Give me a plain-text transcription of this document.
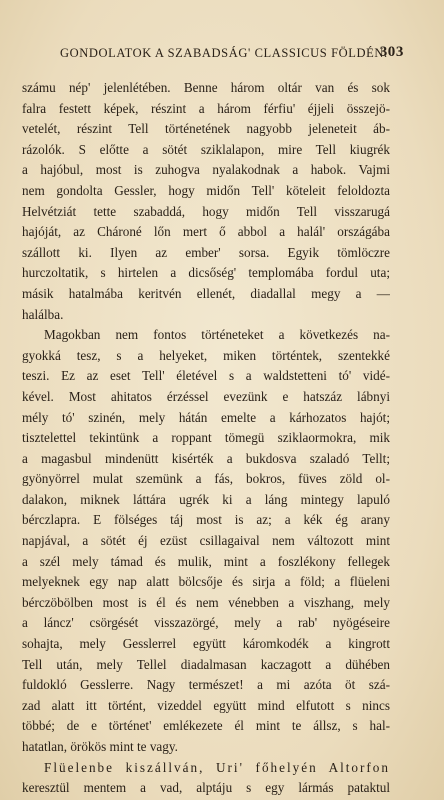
GONDOLATOK A SZABADSÁG' CLASSICUS FÖLDÉN.
303
számu nép' jelenlétében. Benne három oltár van és sok
falra festett képek, részint a három férfiu' éjjeli összejö-
vetelét, részint Tell történetének nagyobb jeleneteit áb-
rázolók. S előtte a sötét sziklalapon, mire Tell kiugrék
a hajóbul, most is zuhogva nyalakodnak a habok. Vajmi
nem gondolta Gessler, hogy midőn Tell' köteleit feloldozta
Helvétziát tette szabaddá, hogy midőn Tell visszarugá
hajóját, az Chároné lőn mert ő abbol a halál' országába
szállott ki. Ilyen az ember' sorsa. Egyik tömlöczre
hurczoltatik, s hirtelen a dicsőség' templomába fordul uta;
másik hatalmába keritvén ellenét, diadallal megy a —
halálba.
Magokban nem fontos történeteket a következés na-
gyokká tesz, s a helyeket, miken történtek, szentekké
teszi. Ez az eset Tell' életével s a waldstetteni tó' vidé-
kével. Most ahitatos érzéssel evezünk e hatszáz lábnyi
mély tó' szinén, mely hátán emelte a kárhozatos hajót;
tisztelettel tekintünk a roppant tömegü sziklaormokra, mik
a magasbul mindenütt kisérték a bukdosva szaladó Tellt;
gyönyörrel mulat szemünk a fás, bokros, füves zöld ol-
dalakon, miknek láttára ugrék ki a láng mintegy lapuló
bérczlapra. E fölséges táj most is az; a kék ég arany
napjával, a sötét éj ezüst csillagaival nem változott mint
a szél mely támad és mulik, mint a foszlékony fellegek
melyeknek egy nap alatt bölcsője és sirja a föld; a flüeleni
bérczöbölben most is él és nem vénebben a viszhang, mely
a láncz' csörgését visszazörgé, mely a rab' nyögéseire
sohajta, mely Gesslerrel együtt káromkodék a kingrott
Tell után, mely Tellel diadalmasan kaczagott a dühében
fuldokló Gesslerre. Nagy természet! a mi azóta öt szá-
zad alatt itt történt, vizeddel együtt mind elfutott s nincs
többé; de e történet' emlékezete él mint te állsz, s hal-
hatatlan, örökös mint te vagy.
Flüelenbe kiszállván, Uri' főhelyén Altorfon
keresztül mentem a vad, alptáju s egy lármás pataktul
